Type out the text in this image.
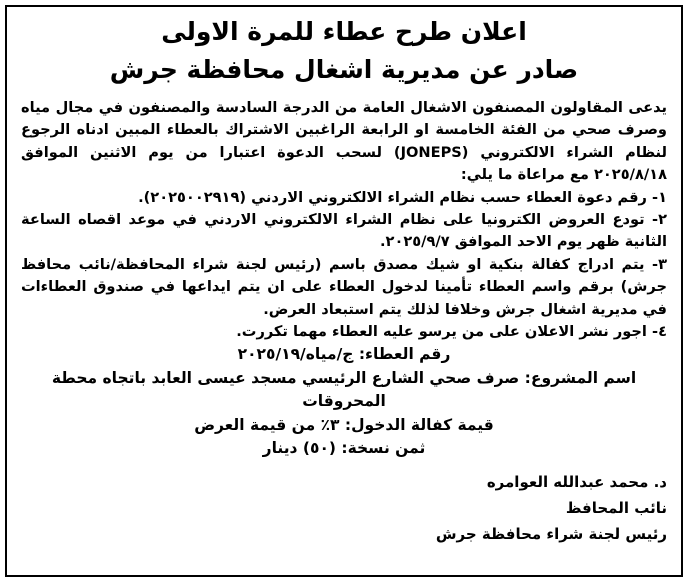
اعلان طرح عطاء للمرة الاولى
صادر عن مديرية اشغال محافظة جرش

يدعى المقاولون المصنفون الاشغال العامة من الدرجة السادسة والمصنفون في مجال مياه وصرف صحي من الفئة الخامسة او الرابعة الراغبين الاشتراك بالعطاء المبين ادناه الرجوع لنظام الشراء الالكتروني (JONEPS) لسحب الدعوة اعتبارا من يوم الاثنين الموافق ٢٠٢٥/٨/١٨ مع مراعاة ما يلي:

١- رقم دعوة العطاء حسب نظام الشراء الالكتروني الاردني (٢٠٢٥٠٠٢٩١٩).

٢- تودع العروض الكترونيا على نظام الشراء الالكتروني الاردني في موعد اقصاه الساعة الثانية ظهر يوم الاحد الموافق ٢٠٢٥/٩/٧.

٣- يتم ادراج كفالة بنكية او شيك مصدق باسم (رئيس لجنة شراء المحافظة/نائب محافظ جرش) برقم واسم العطاء تأمينا لدخول العطاء على ان يتم ايداعها في صندوق العطاءات في مديرية اشغال جرش وخلافا لذلك يتم استبعاد العرض.

٤- اجور نشر الاعلان على من يرسو عليه العطاء مهما تكررت.

رقم العطاء: ج/مياه/٢٠٢٥/١٩
اسم المشروع: صرف صحي الشارع الرئيسي مسجد عيسى العابد باتجاه محطة المحروقات
قيمة كفالة الدخول: ٣٪ من قيمة العرض
ثمن نسخة: (٥٠) دينار
د. محمد عبدالله العوامره
نائب المحافظ
رئيس لجنة شراء محافظة جرش
